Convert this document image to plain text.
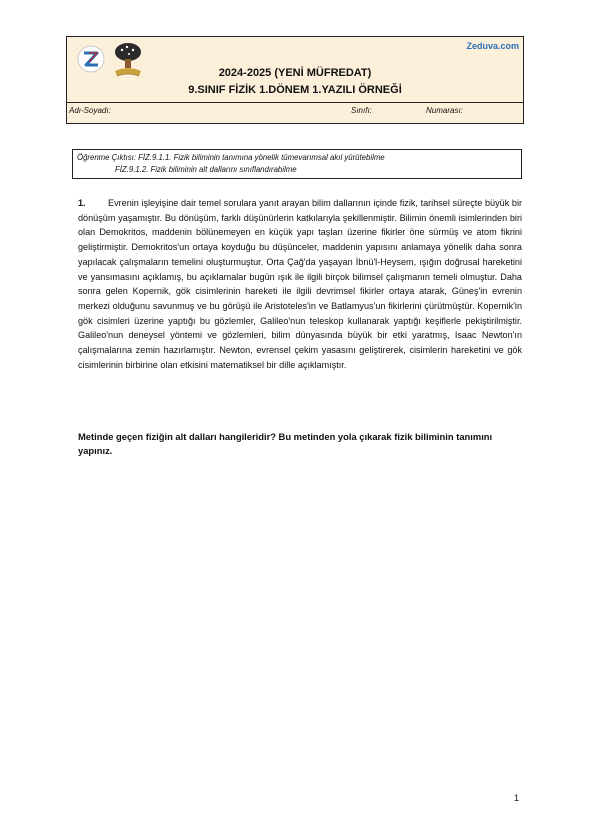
Zeduva.com
2024-2025 (YENİ MÜFREDAT)
9.SINIF FİZİK 1.DÖNEM 1.YAZILI ÖRNEĞİ
Adı-Soyadı:	Sınıfı:	Numarası:
Öğrenme Çıktısı: FİZ.9.1.1. Fizik biliminin tanımına yönelik tümevarımsal akıl yürütebilme
FİZ.9.1.2. Fizik biliminin alt dallarını sınıflandırabilme
1. Evrenin işleyişine dair temel sorulara yanıt arayan bilim dallarının içinde fizik, tarihsel süreçte büyük bir dönüşüm yaşamıştır. Bu dönüşüm, farklı düşünürlerin katkılarıyla şekillenmiştir. Bilimin önemli isimlerinden biri olan Demokritos, maddenin bölünemeyen en küçük yapı taşları üzerine fikirler öne sürmüş ve atom fikrini geliştirmiştir. Demokritos'un ortaya koyduğu bu düşünceler, maddenin yapısını anlamaya yönelik daha sonra yapılacak çalışmaların temelini oluşturmuştur. Orta Çağ'da yaşayan İbnü'l-Heysem, ışığın doğrusal hareketini ve yansımasını açıklamış, bu açıklamalar bugün ışık ile ilgili birçok bilimsel çalışmanın temeli olmuştur. Daha sonra gelen Kopernik, gök cisimlerinin hareketi ile ilgili devrimsel fikirler ortaya atarak, Güneş'in evrenin merkezi olduğunu savunmuş ve bu görüşü ile Aristoteles'in ve Batlamyus'un fikirlerini çürütmüştür. Kopernik'in gök cisimleri üzerine yaptığı bu gözlemler, Galileo'nun teleskop kullanarak yaptığı keşiflerle pekiştirilmiştir. Galileo'nun deneysel yöntemi ve gözlemleri, bilim dünyasında büyük bir etki yaratmış, Isaac Newton'ın çalışmalarına zemin hazırlamıştır. Newton, evrensel çekim yasasını geliştirerek, cisimlerin hareketini ve gök cisimlerinin birbirine olan etkisini matematiksel bir dille açıklamıştır.
Metinde geçen fiziğin alt dalları hangileridir? Bu metinden yola çıkarak fizik biliminin tanımını yapınız.
1
